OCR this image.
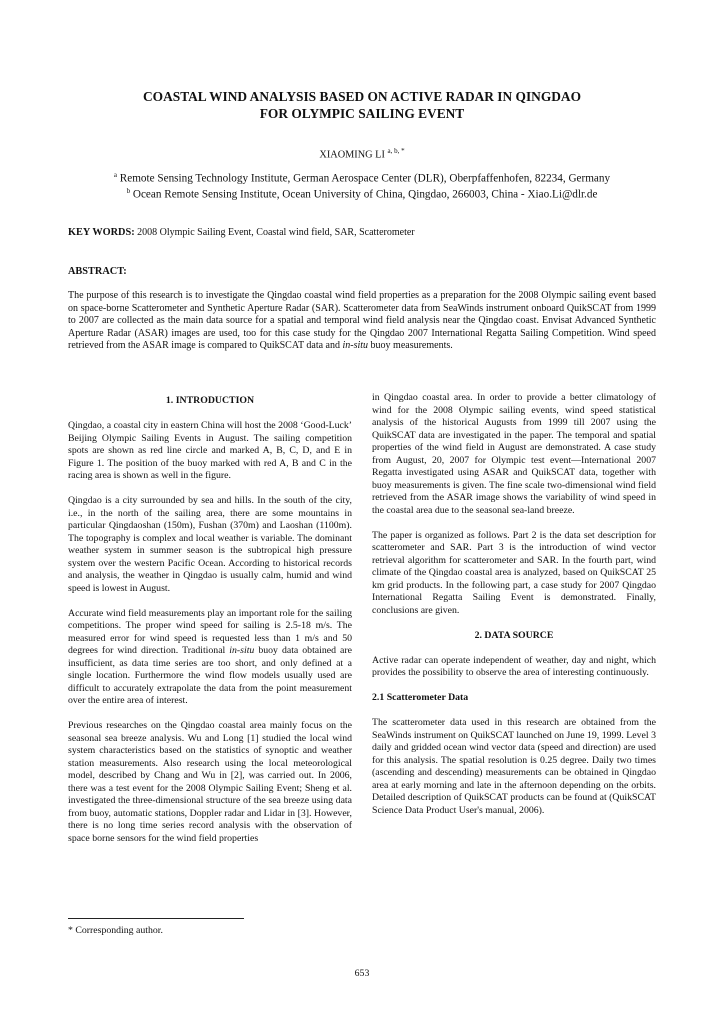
COASTAL WIND ANALYSIS BASED ON ACTIVE RADAR IN QINGDAO
FOR OLYMPIC SAILING EVENT
XIAOMING LI $^{a, b, *}$
$^a$ Remote Sensing Technology Institute, German Aerospace Center (DLR), Oberpfaffenhofen, 82234, Germany
$^b$ Ocean Remote Sensing Institute, Ocean University of China, Qingdao, 266003, China - Xiao.Li@dlr.de
KEY WORDS: 2008 Olympic Sailing Event, Coastal wind field, SAR, Scatterometer
ABSTRACT:

The purpose of this research is to investigate the Qingdao coastal wind field properties as a preparation for the 2008 Olympic sailing event based on space-borne Scatterometer and Synthetic Aperture Radar (SAR). Scatterometer data from SeaWinds instrument onboard QuikSCAT from 1999 to 2007 are collected as the main data source for a spatial and temporal wind field analysis near the Qingdao coast. Envisat Advanced Synthetic Aperture Radar (ASAR) images are used, too for this case study for the Qingdao 2007 International Regatta Sailing Competition. Wind speed retrieved from the ASAR image is compared to QuikSCAT data and in-situ buoy measurements.

1. INTRODUCTION

Qingdao, a coastal city in eastern China will host the 2008 ‘Good-Luck’ Beijing Olympic Sailing Events in August. The sailing competition spots are shown as red line circle and marked A, B, C, D, and E in Figure 1. The position of the buoy marked with red A, B and C in the racing area is shown as well in the figure.

Qingdao is a city surrounded by sea and hills. In the south of the city, i.e., in the north of the sailing area, there are some mountains in particular Qingdaoshan (150m), Fushan (370m) and Laoshan (1100m). The topography is complex and local weather is variable. The dominant weather system in summer season is the subtropical high pressure system over the western Pacific Ocean. According to historical records and analysis, the weather in Qingdao is usually calm, humid and wind speed is lowest in August.

Accurate wind field measurements play an important role for the sailing competitions. The proper wind speed for sailing is 2.5-18 m/s. The measured error for wind speed is requested less than 1 m/s and 50 degrees for wind direction. Traditional in-situ buoy data obtained are insufficient, as data time series are too short, and only defined at a single location. Furthermore the wind flow models usually used are difficult to accurately extrapolate the data from the point measurement over the entire area of interest.

Previous researches on the Qingdao coastal area mainly focus on the seasonal sea breeze analysis. Wu and Long [1] studied the local wind system characteristics based on the statistics of synoptic and weather station measurements. Also research using the local meteorological model, described by Chang and Wu in [2], was carried out. In 2006, there was a test event for the 2008 Olympic Sailing Event; Sheng et al. investigated the three-dimensional structure of the sea breeze using data from buoy, automatic stations, Doppler radar and Lidar in [3]. However, there is no long time series record analysis with the observation of space borne sensors for the wind field properties

in Qingdao coastal area. In order to provide a better climatology of wind for the 2008 Olympic sailing events, wind speed statistical analysis of the historical Augusts from 1999 till 2007 using the QuikSCAT data are investigated in the paper. The temporal and spatial properties of the wind field in August are demonstrated. A case study from August, 20, 2007 for Olympic test event—International 2007 Regatta investigated using ASAR and QuikSCAT data, together with buoy measurements is given. The fine scale two-dimensional wind field retrieved from the ASAR image shows the variability of wind speed in the coastal area due to the seasonal sea-land breeze.

The paper is organized as follows. Part 2 is the data set description for scatterometer and SAR. Part 3 is the introduction of wind vector retrieval algorithm for scatterometer and SAR. In the fourth part, wind climate of the Qingdao coastal area is analyzed, based on QuikSCAT 25 km grid products. In the following part, a case study for 2007 Qingdao International Regatta Sailing Event is demonstrated. Finally, conclusions are given.

2. DATA SOURCE

Active radar can operate independent of weather, day and night, which provides the possibility to observe the area of interesting continuously.

2.1 Scatterometer Data

The scatterometer data used in this research are obtained from the SeaWinds instrument on QuikSCAT launched on June 19, 1999. Level 3 daily and gridded ocean wind vector data (speed and direction) are used for this analysis. The spatial resolution is 0.25 degree. Daily two times (ascending and descending) measurements can be obtained in Qingdao area at early morning and late in the afternoon depending on the orbits. Detailed description of QuikSCAT products can be found at (QuikSCAT Science Data Product User's manual, 2006).

* Corresponding author.
653
